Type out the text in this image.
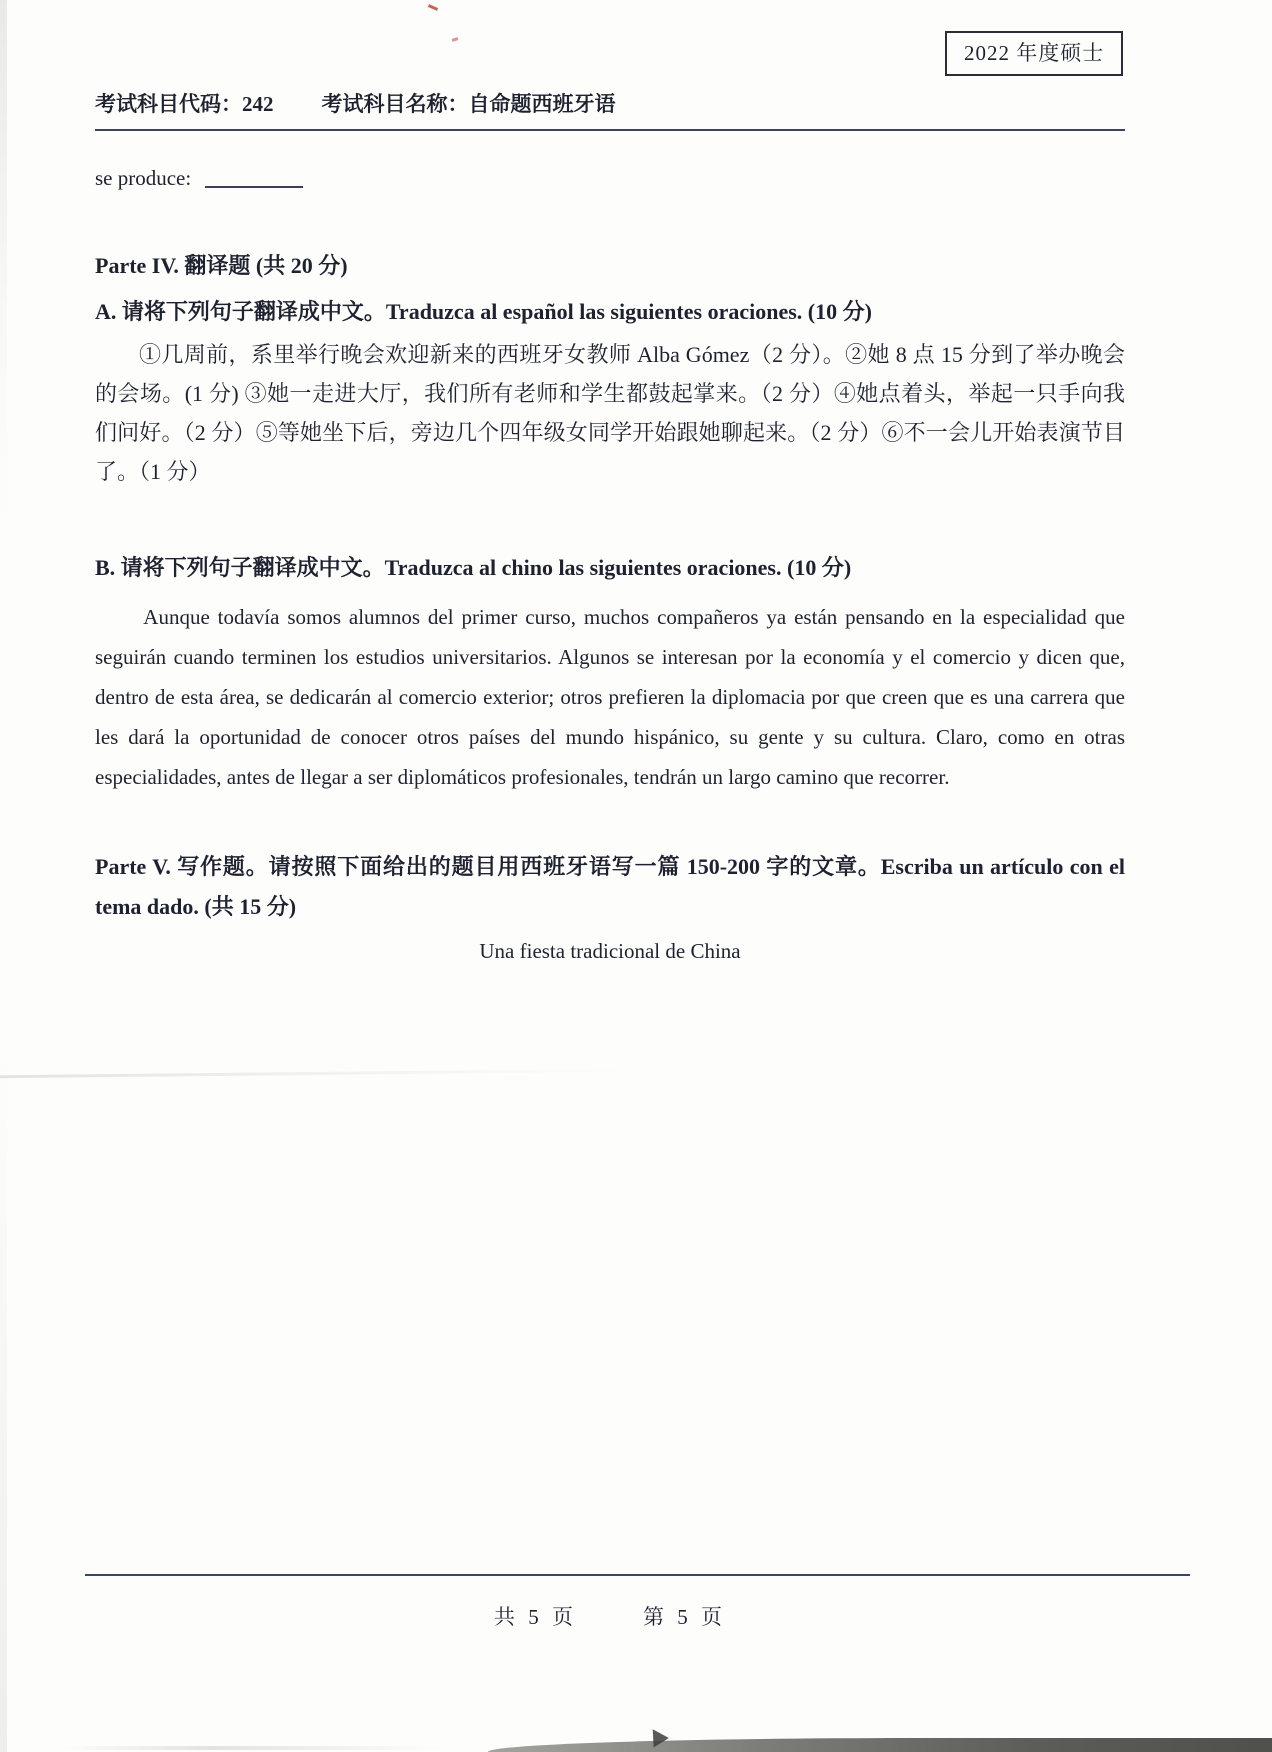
2022 年度硕士
考试科目代码：242 考试科目名称：自命题西班牙语
se produce:
Parte IV. 翻译题 (共 20 分)
A. 请将下列句子翻译成中文。Traduzca al español las siguientes oraciones. (10 分)
①几周前，系里举行晚会欢迎新来的西班牙女教师 Alba Gómez（2 分）。②她 8 点 15 分到了举办晚会的会场。(1 分) ③她一走进大厅，我们所有老师和学生都鼓起掌来。（2 分）④她点着头，举起一只手向我们问好。（2 分）⑤等她坐下后，旁边几个四年级女同学开始跟她聊起来。（2 分）⑥不一会儿开始表演节目了。（1 分）
B. 请将下列句子翻译成中文。Traduzca al chino las siguientes oraciones. (10 分)
Aunque todavía somos alumnos del primer curso, muchos compañeros ya están pensando en la especialidad que seguirán cuando terminen los estudios universitarios. Algunos se interesan por la economía y el comercio y dicen que, dentro de esta área, se dedicarán al comercio exterior; otros prefieren la diplomacia por que creen que es una carrera que les dará la oportunidad de conocer otros países del mundo hispánico, su gente y su cultura. Claro, como en otras especialidades, antes de llegar a ser diplomáticos profesionales, tendrán un largo camino que recorrer.
Parte V. 写作题。请按照下面给出的题目用西班牙语写一篇 150-200 字的文章。Escriba un artículo con el tema dado. (共 15 分)
Una fiesta tradicional de China
共 5 页	第 5 页
